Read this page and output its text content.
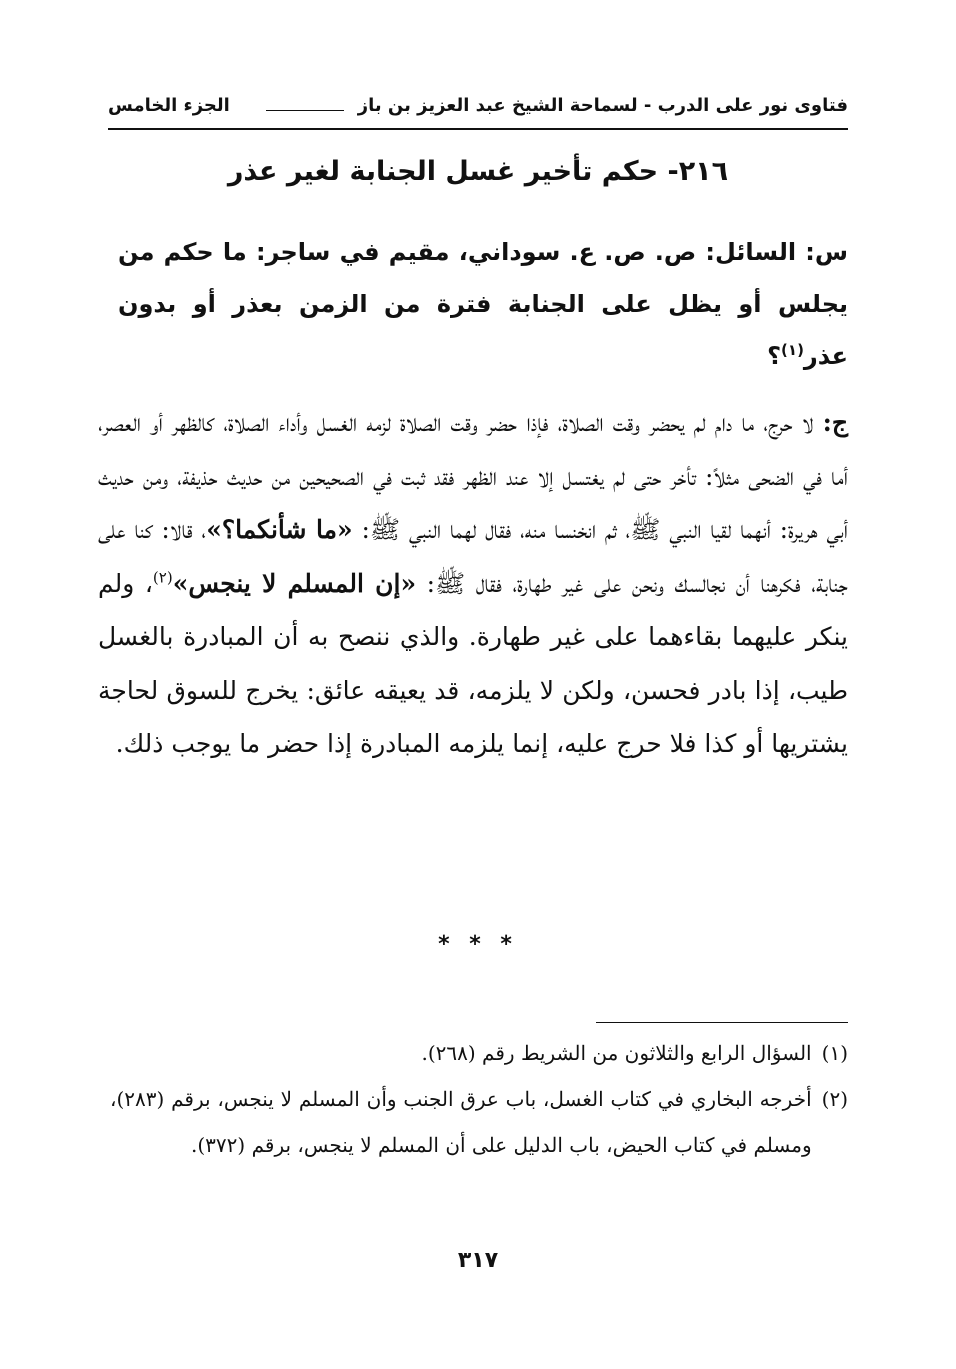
فتاوى نور على الدرب - لسماحة الشيخ عبد العزيز بن باز
الجزء الخامس
٢١٦- حكم تأخير غسل الجنابة لغير عذر
س: السائل: ص. ص. ع. سوداني، مقيم في ساجر: ما حكم من يجلس أو يظل على الجنابة فترة من الزمن بعذر أو بدون عذر$^{(١)}$؟
ج: لا حرج، ما دام لم يحضر وقت الصلاة، فإذا حضر وقت الصلاة لزمه الغسل وأداء الصلاة، كالظهر أو العصر، أما في الضحى مثلاً: تأخر حتى لم يغتسل إلا عند الظهر فقد ثبت في الصحيحين من حديث حذيفة، ومن حديث أبي هريرة: أنهما لقيا النبي ﷺ، ثم انخنسا منه، فقال لهما النبي ﷺ: «ما شأنكما؟»، قالا: كنا على جنابة، فكرهنا أن نجالسك ونحن على غير طهارة، فقال ﷺ: «إن المسلم لا ينجس»$^{(٢)}$، ولم ينكر عليهما بقاءهما على غير طهارة. والذي ننصح به أن المبادرة بالغسل طيب، إذا بادر فحسن، ولكن لا يلزمه، قد يعيقه عائق: يخرج للسوق لحاجة يشتريها أو كذا فلا حرج عليه، إنما يلزمه المبادرة إذا حضر ما يوجب ذلك.
* * *
(١)
السؤال الرابع والثلاثون من الشريط رقم (٢٦٨).
(٢)
أخرجه البخاري في كتاب الغسل، باب عرق الجنب وأن المسلم لا ينجس، برقم (٢٨٣)، ومسلم في كتاب الحيض، باب الدليل على أن المسلم لا ينجس، برقم (٣٧٢).
٣١٧
